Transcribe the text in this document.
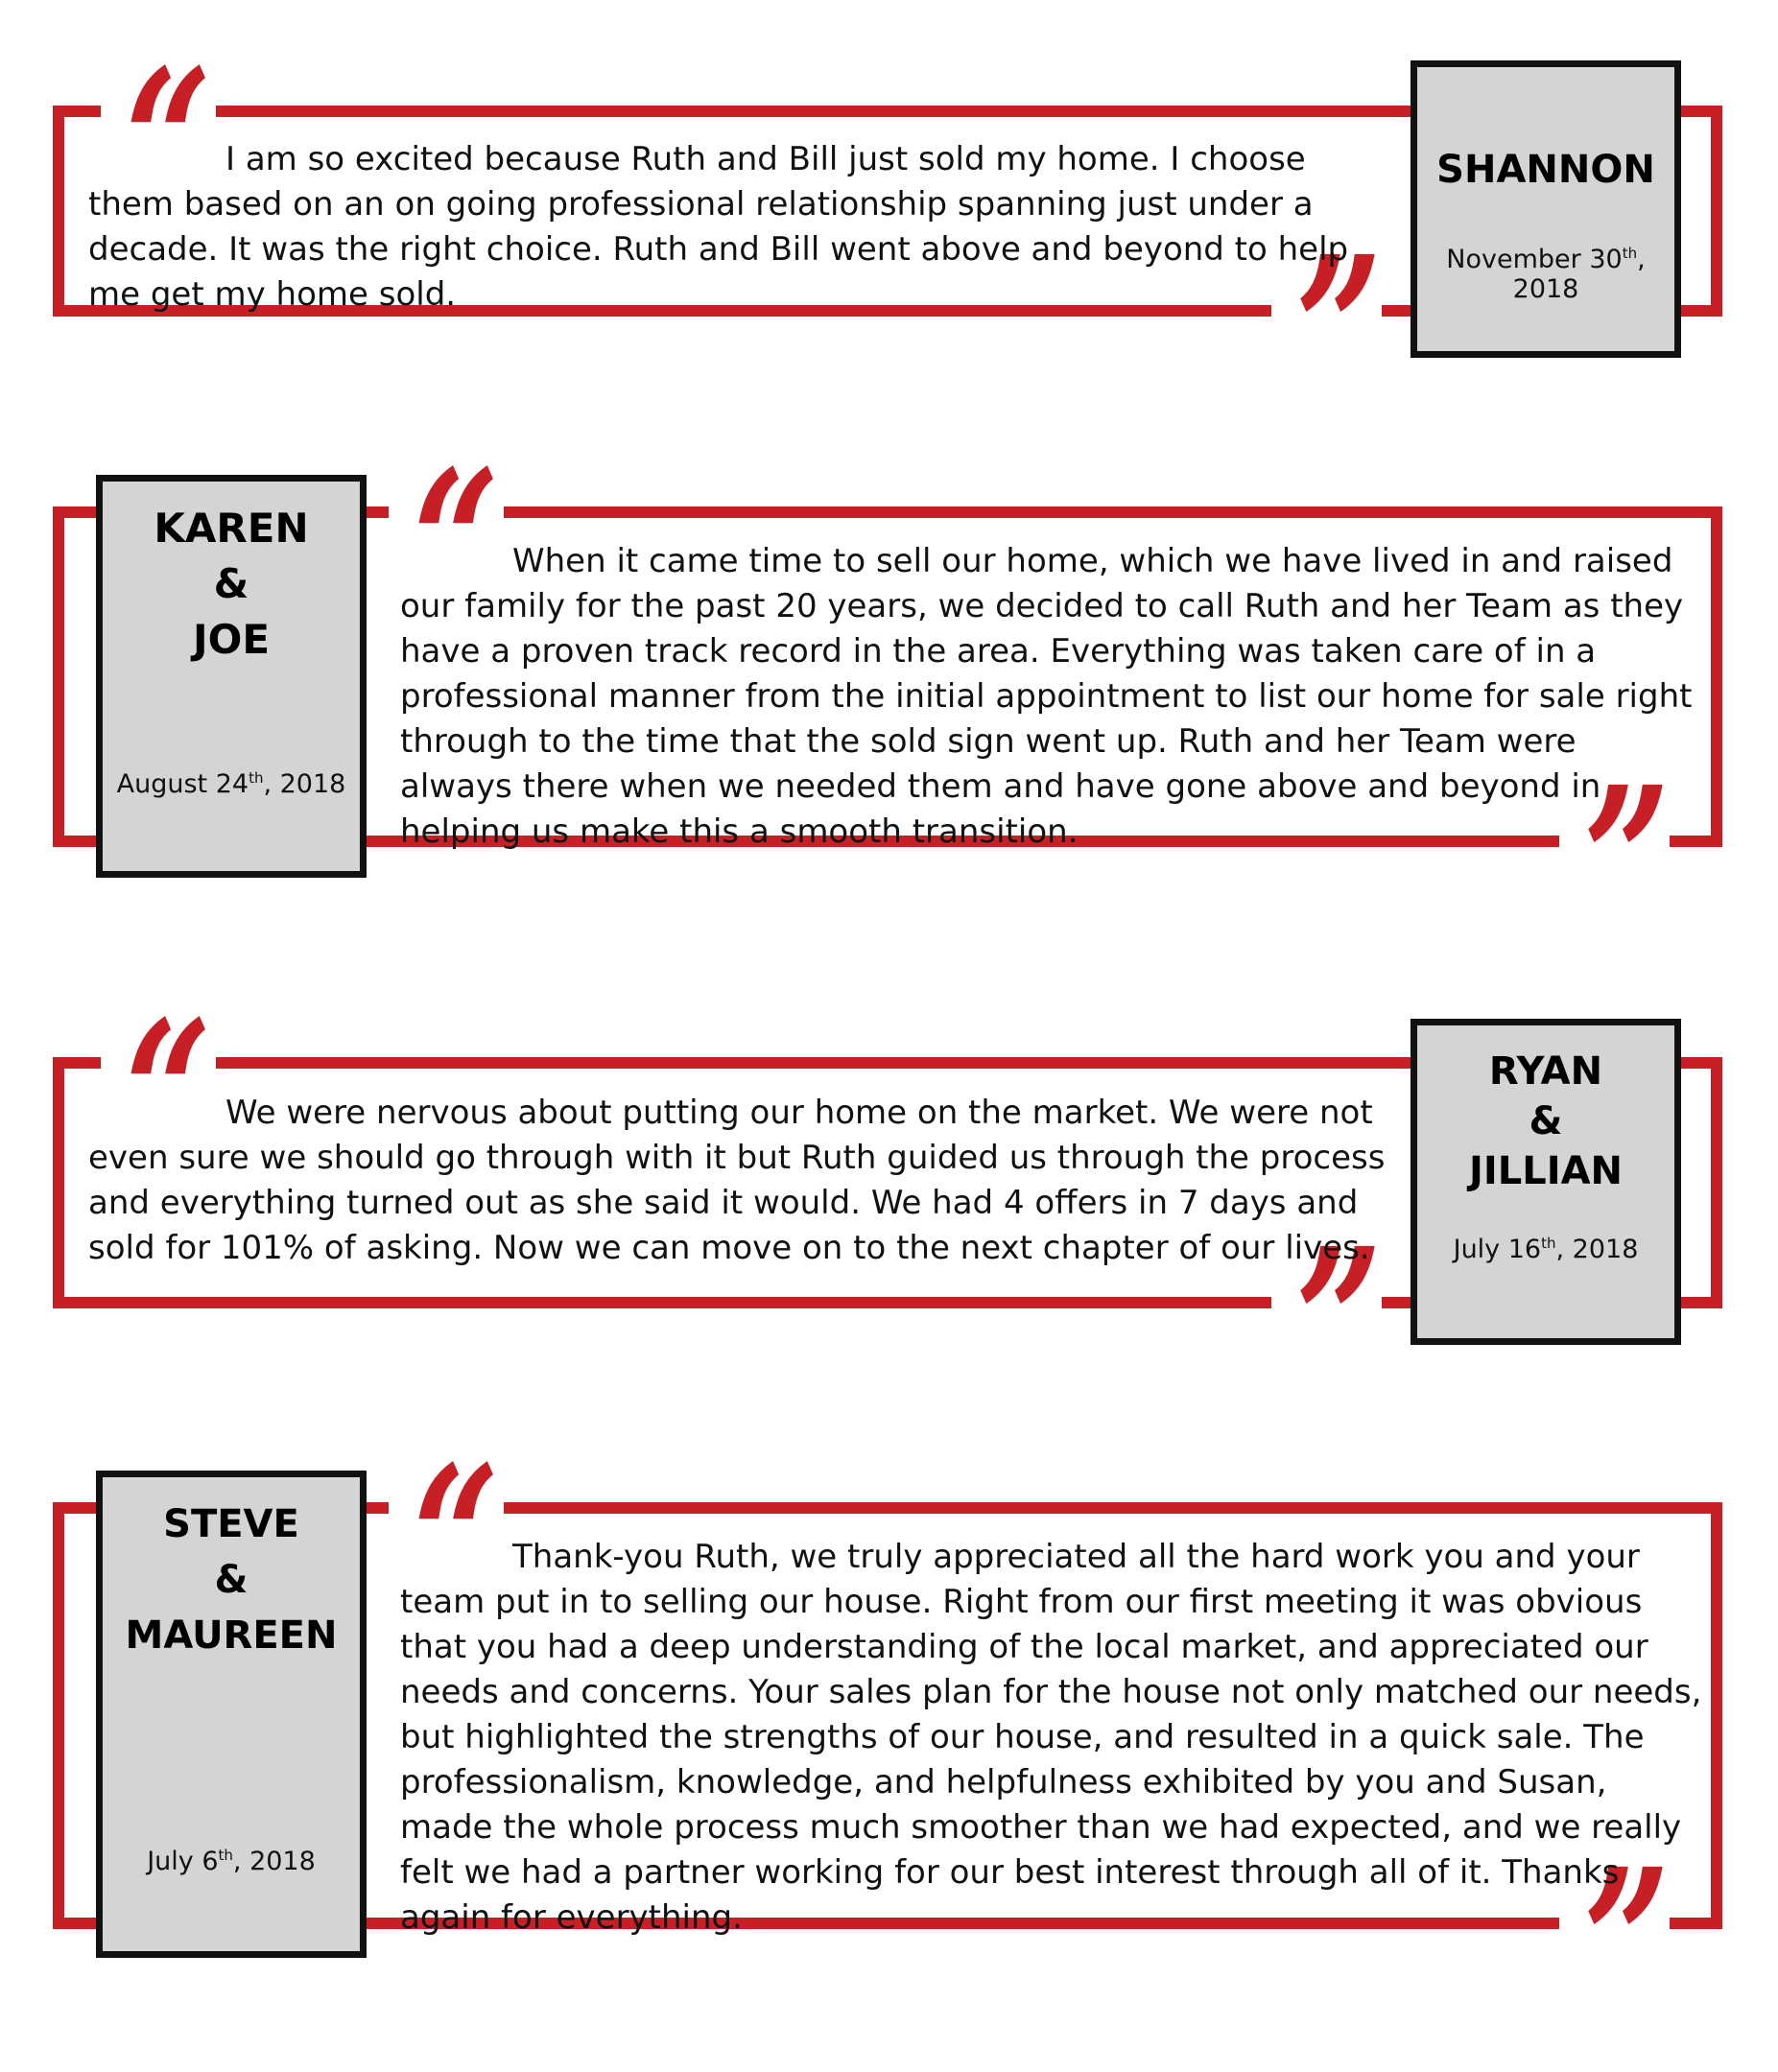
“
”

I am so excited because Ruth and Bill just sold my home. I choose them based on an on going professional relationship spanning just under a decade. It was the right choice. Ruth and Bill went above and beyond to help me get my home sold.

SHANNON
November 30th, 2018
“
”

When it came time to sell our home, which we have lived in and raised our family for the past 20 years, we decided to call Ruth and her Team as they have a proven track record in the area. Everything was taken care of in a professional manner from the initial appointment to list our home for sale right through to the time that the sold sign went up. Ruth and her Team were always there when we needed them and have gone above and beyond in helping us make this a smooth transition.

KAREN
&
JOE
August 24th, 2018
“
”

We were nervous about putting our home on the market. We were not even sure we should go through with it but Ruth guided us through the process and everything turned out as she said it would. We had 4 offers in 7 days and sold for 101% of asking. Now we can move on to the next chapter of our lives.

RYAN
&
JILLIAN
July 16th, 2018
“
”

Thank-you Ruth, we truly appreciated all the hard work you and your team put in to selling our house. Right from our first meeting it was obvious that you had a deep understanding of the local market, and appreciated our needs and concerns. Your sales plan for the house not only matched our needs, but highlighted the strengths of our house, and resulted in a quick sale. The professionalism, knowledge, and helpfulness exhibited by you and Susan, made the whole process much smoother than we had expected, and we really felt we had a partner working for our best interest through all of it. Thanks again for everything.

STEVE
&
MAUREEN
July 6th, 2018
